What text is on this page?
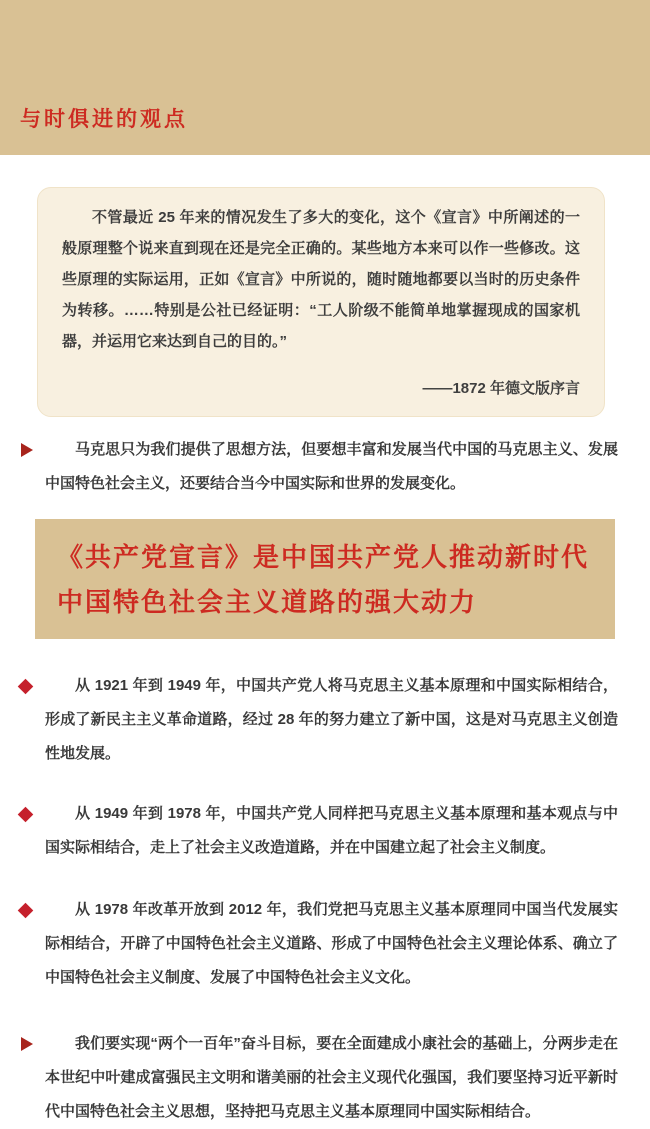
与时俱进的观点
不管最近 25 年来的情况发生了多大的变化，这个《宣言》中所阐述的一般原理整个说来直到现在还是完全正确的。某些地方本来可以作一些修改。这些原理的实际运用，正如《宣言》中所说的，随时随地都要以当时的历史条件为转移。……特别是公社已经证明：“工人阶级不能简单地掌握现成的国家机器，并运用它来达到自己的目的。”
——1872 年德文版序言
马克思只为我们提供了思想方法，但要想丰富和发展当代中国的马克思主义、发展中国特色社会主义，还要结合当今中国实际和世界的发展变化。
《共产党宣言》是中国共产党人推动新时代
中国特色社会主义道路的强大动力
从 1921 年到 1949 年，中国共产党人将马克思主义基本原理和中国实际相结合，形成了新民主主义革命道路，经过 28 年的努力建立了新中国，这是对马克思主义创造性地发展。
从 1949 年到 1978 年，中国共产党人同样把马克思主义基本原理和基本观点与中国实际相结合，走上了社会主义改造道路，并在中国建立起了社会主义制度。
从 1978 年改革开放到 2012 年，我们党把马克思主义基本原理同中国当代发展实际相结合，开辟了中国特色社会主义道路、形成了中国特色社会主义理论体系、确立了中国特色社会主义制度、发展了中国特色社会主义文化。
我们要实现“两个一百年”奋斗目标，要在全面建成小康社会的基础上，分两步走在本世纪中叶建成富强民主文明和谐美丽的社会主义现代化强国，我们要坚持习近平新时代中国特色社会主义思想，坚持把马克思主义基本原理同中国实际相结合。
